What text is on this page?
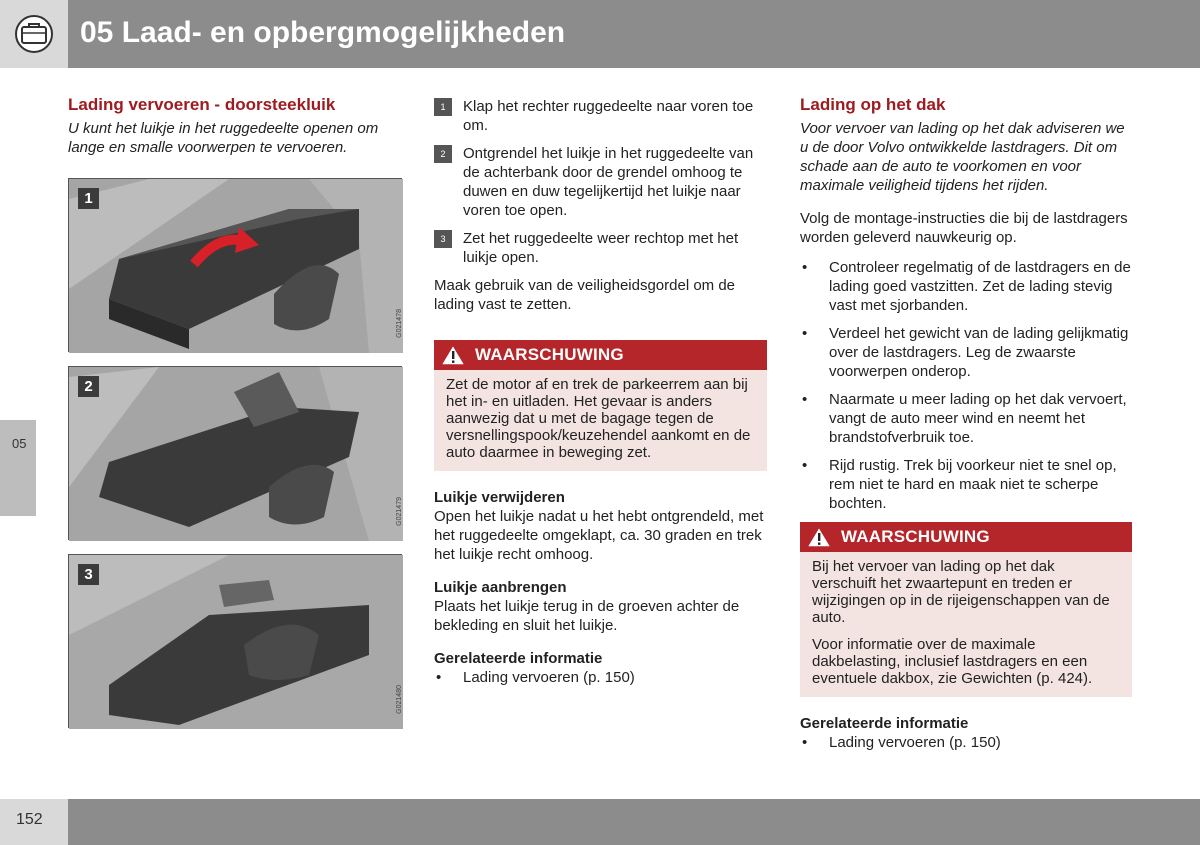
05 Laad- en opbergmogelijkheden
05
Lading vervoeren - doorsteekluik

U kunt het luikje in het ruggedeelte openen om lange en smalle voorwerpen te vervoeren.

1
G021478
2
G021479
3
G021480
1	Klap het rechter ruggedeelte naar voren toe om.
2	Ontgrendel het luikje in het ruggedeelte van de achterbank door de grendel omhoog te duwen en duw tegelijkertijd het luikje naar voren toe open.
3	Zet het ruggedeelte weer rechtop met het luikje open.

Maak gebruik van de veiligheidsgordel om de lading vast te zetten.

WAARSCHUWING

Zet de motor af en trek de parkeerrem aan bij het in- en uitladen. Het gevaar is anders aanwezig dat u met de bagage tegen de versnellingspook/keuzehendel aankomt en de auto daarmee in beweging zet.

Luikje verwijderen

Open het luikje nadat u het hebt ontgrendeld, met het ruggedeelte omgeklapt, ca. 30 graden en trek het luikje recht omhoog.

Luikje aanbrengen

Plaats het luikje terug in de groeven achter de bekleding en sluit het luikje.

Gerelateerde informatie
• Lading vervoeren (p. 150)
Lading op het dak

Voor vervoer van lading op het dak adviseren we u de door Volvo ontwikkelde lastdragers. Dit om schade aan de auto te voorkomen en voor maximale veiligheid tijdens het rijden.

Volg de montage-instructies die bij de lastdragers worden geleverd nauwkeurig op.

• Controleer regelmatig of de lastdragers en de lading goed vastzitten. Zet de lading stevig vast met sjorbanden.
• Verdeel het gewicht van de lading gelijkmatig over de lastdragers. Leg de zwaarste voorwerpen onderop.
• Naarmate u meer lading op het dak vervoert, vangt de auto meer wind en neemt het brandstofverbruik toe.
• Rijd rustig. Trek bij voorkeur niet te snel op, rem niet te hard en maak niet te scherpe bochten.
WAARSCHUWING

Bij het vervoer van lading op het dak verschuift het zwaartepunt en treden er wijzigingen op in de rijeigenschappen van de auto.

Voor informatie over de maximale dakbelasting, inclusief lastdragers en een eventuele dakbox, zie Gewichten (p. 424).

Gerelateerde informatie
• Lading vervoeren (p. 150)
152
